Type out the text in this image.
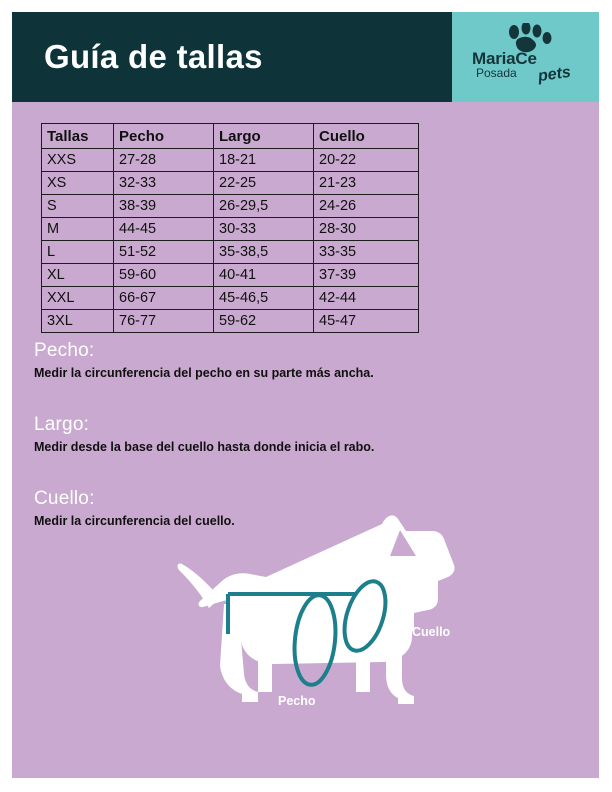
Guía de tallas	MariaCe
Posada pets
Tallas	Pecho	Largo	Cuello
XXS	27-28	18-21	20-22
XS	32-33	22-25	21-23
S	38-39	26-29,5	24-26
M	44-45	30-33	28-30
L	51-52	35-38,5	33-35
XL	59-60	40-41	37-39
XXL	66-67	45-46,5	42-44
3XL	76-77	59-62	45-47

Pecho:

Medir la circunferencia del pecho en su parte más ancha.

Largo:

Medir desde la base del cuello hasta donde inicia el rabo.

Cuello:

Medir la circunferencia del cuello.

Largo
Cuello
Pecho
